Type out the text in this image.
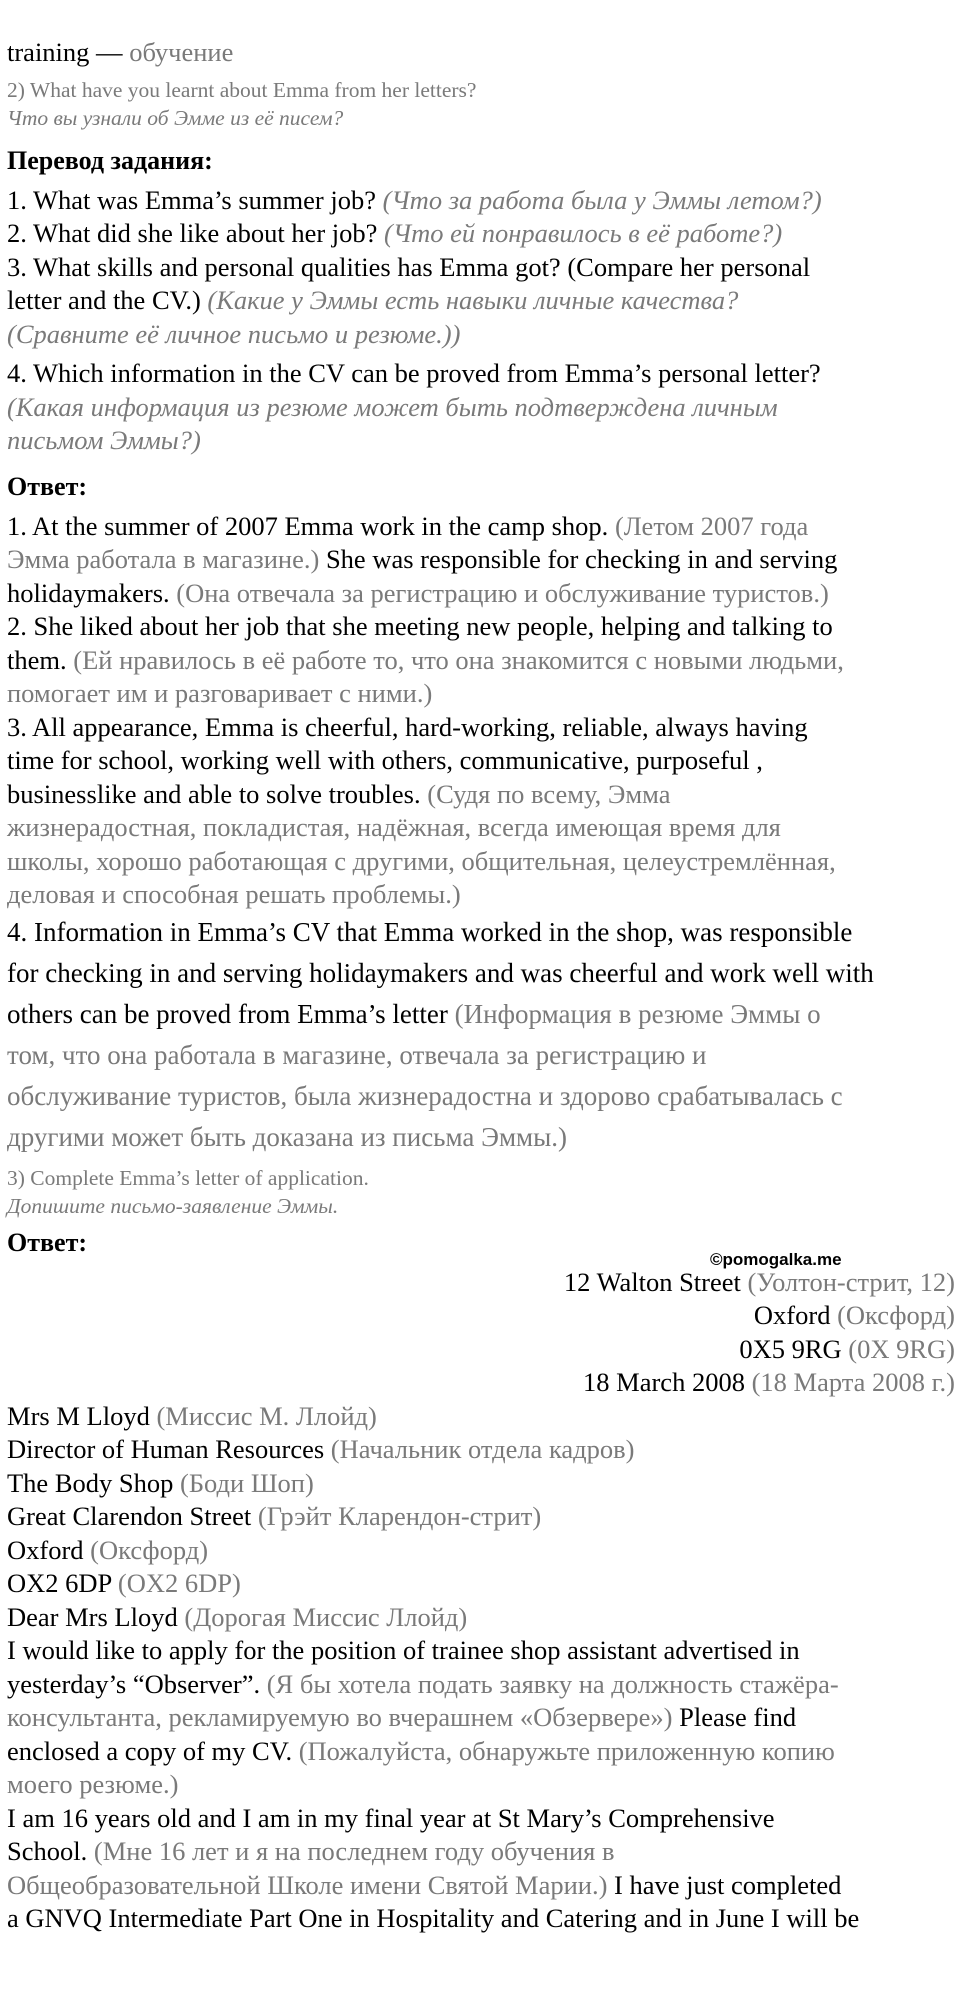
training — обучение
2) What have you learnt about Emma from her letters?
Что вы узнали об Эмме из её писем?
Перевод задания:
1. What was Emma’s summer job? (Что за работа была у Эммы летом?)
2. What did she like about her job? (Что ей понравилось в её работе?)
3. What skills and personal qualities has Emma got? (Compare her personal
letter and the CV.) (Какие у Эммы есть навыки личные качества?
(Сравните её личное письмо и резюме.))
4. Which information in the CV can be proved from Emma’s personal letter?
(Какая информация из резюме может быть подтверждена личным
письмом Эммы?)
Ответ:
1. At the summer of 2007 Emma work in the camp shop. (Летом 2007 года
Эмма работала в магазине.) She was responsible for checking in and serving
holidaymakers. (Она отвечала за регистрацию и обслуживание туристов.)
2. She liked about her job that she meeting new people, helping and talking to
them. (Ей нравилось в её работе то, что она знакомится с новыми людьми,
помогает им и разговаривает с ними.)
3. All appearance, Emma is cheerful, hard-working, reliable, always having
time for school, working well with others, communicative, purposeful ,
businesslike and able to solve troubles. (Судя по всему, Эмма
жизнерадостная, покладистая, надёжная, всегда имеющая время для
школы, хорошо работающая с другими, общительная, целеустремлённая,
деловая и способная решать проблемы.)
4. Information in Emma’s CV that Emma worked in the shop, was responsible
for checking in and serving holidaymakers and was cheerful and work well with
others can be proved from Emma’s letter (Информация в резюме Эммы о
том, что она работала в магазине, отвечала за регистрацию и
обслуживание туристов, была жизнерадостна и здорово срабатывалась с
другими может быть доказана из письма Эммы.)
3) Complete Emma’s letter of application.
Допишите письмо-заявление Эммы.
Ответ:
12 Walton Street (Уолтон-стрит, 12)
Oxford (Оксфорд)
0X5 9RG (0X 9RG)
18 March 2008 (18 Марта 2008 г.)
Mrs M Lloyd (Миссис М. Ллойд)
Director of Human Resources (Начальник отдела кадров)
The Body Shop (Боди Шоп)
Great Clarendon Street (Грэйт Кларендон-стрит)
Oxford (Оксфорд)
OX2 6DP (OX2 6DP)
Dear Mrs Lloyd (Дорогая Миссис Ллойд)
I would like to apply for the position of trainee shop assistant advertised in
yesterday’s “Observer”. (Я бы хотела подать заявку на должность стажёра-
консультанта, рекламируемую во вчерашнем «Обзервере») Please find
enclosed a copy of my CV. (Пожалуйста, обнаружьте приложенную копию
моего резюме.)
I am 16 years old and I am in my final year at St Mary’s Comprehensive
School. (Мне 16 лет и я на последнем году обучения в
Общеобразовательной Школе имени Святой Марии.) I have just completed
a GNVQ Intermediate Part One in Hospitality and Catering and in June I will be
©pomogalka.me
